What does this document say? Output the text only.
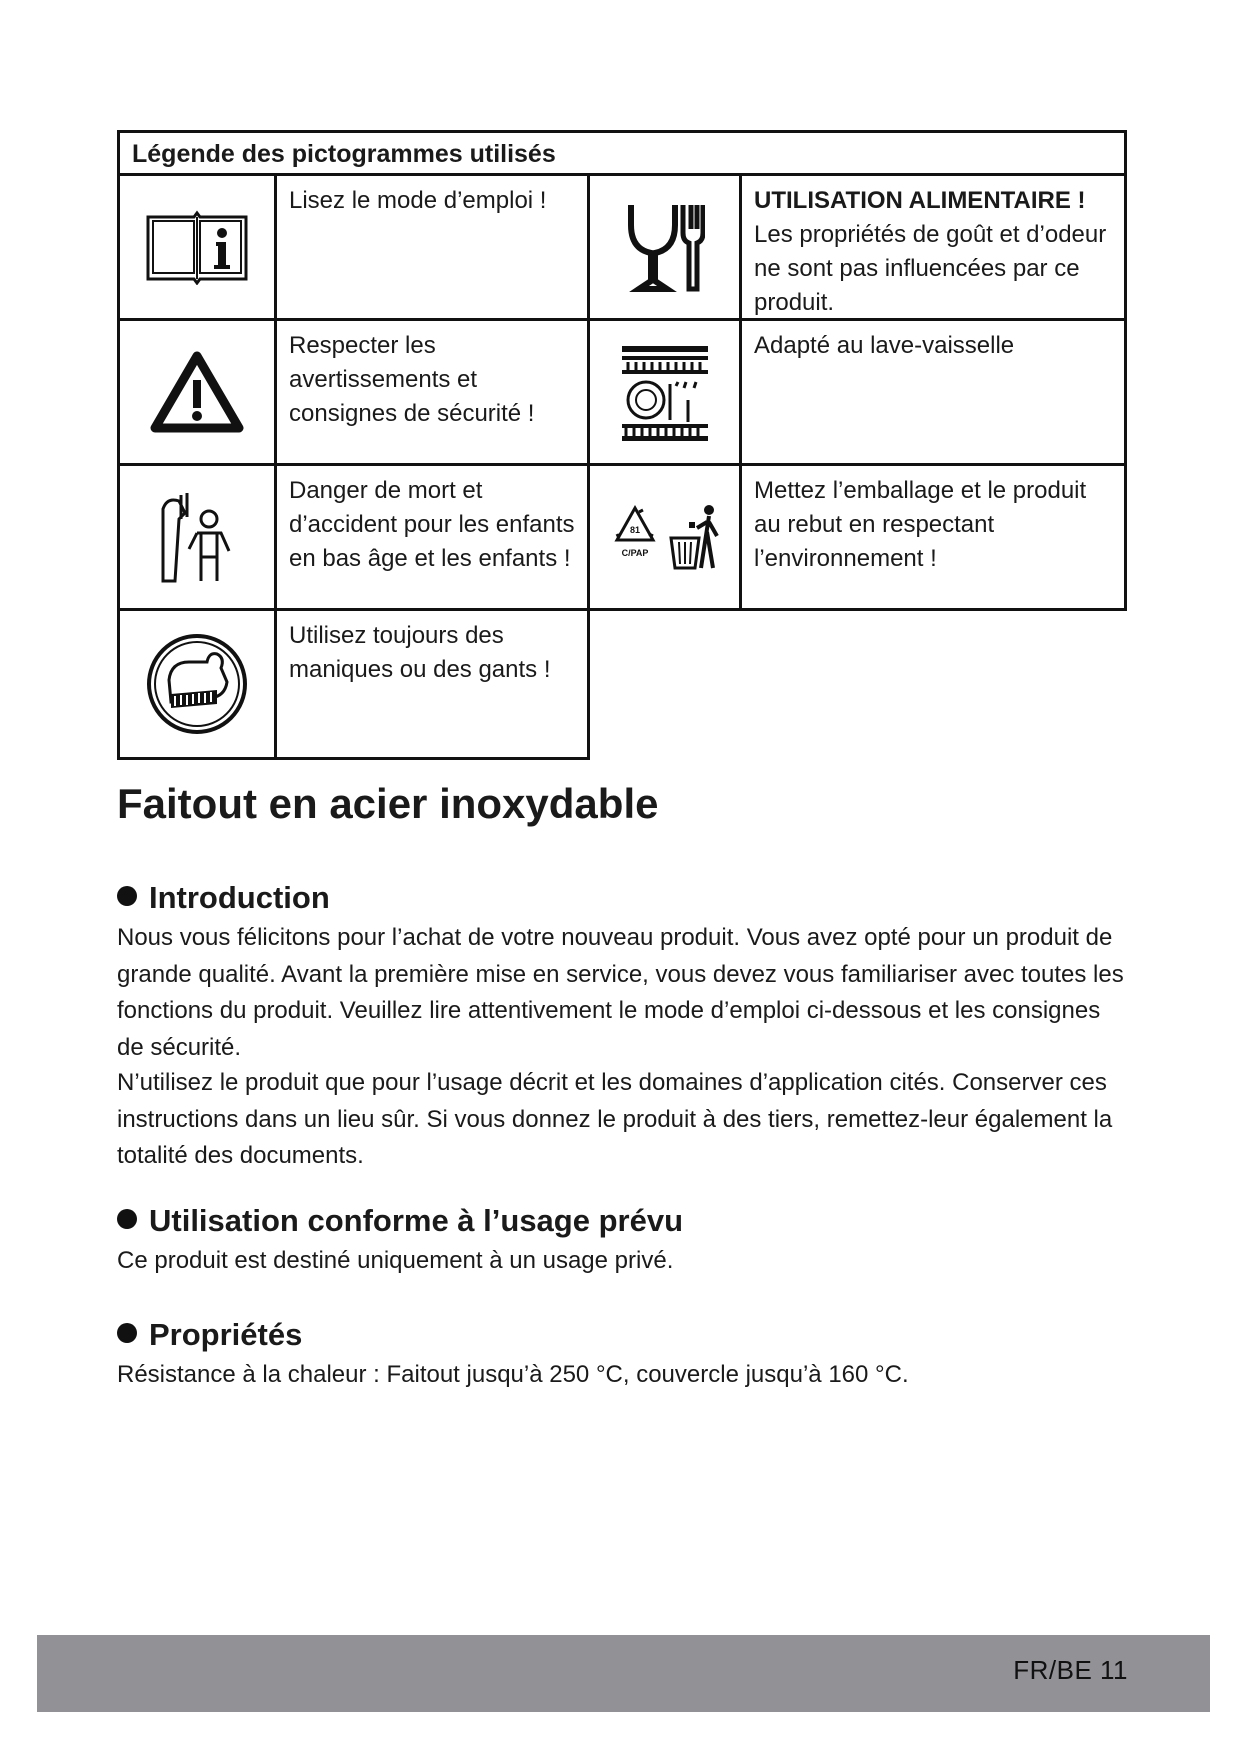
Légende des pictogrammes utilisés
Lisez le mode d’emploi !	UTILISATION ALIMENTAIRE !
Les propriétés de goût et d’odeur ne sont pas influencées par ce produit.
Respecter les avertissements et consignes de sécurité !
Adapté au lave-vaisselle
Danger de mort et d’accident pour les enfants en bas âge et les enfants !
81
C/PAP
Mettez l’emballage et le produit au rebut en respectant l’environnement !
Utilisez toujours des maniques ou des gants !
Faitout en acier inoxydable
Introduction

Nous vous félicitons pour l’achat de votre nouveau produit. Vous avez opté pour un produit de grande qualité. Avant la première mise en service, vous devez vous familiariser avec toutes les fonctions du produit. Veuillez lire attentivement le mode d’emploi ci-dessous et les consignes de sécurité.

N’utilisez le produit que pour l’usage décrit et les domaines d’application cités. Conserver ces instructions dans un lieu sûr. Si vous donnez le produit à des tiers, remettez-leur également la totalité des documents.

Utilisation conforme à l’usage prévu

Ce produit est destiné uniquement à un usage privé.

Propriétés

Résistance à la chaleur : Faitout jusqu’à 250 °C, couvercle jusqu’à 160 °C.

FR/BE 11
